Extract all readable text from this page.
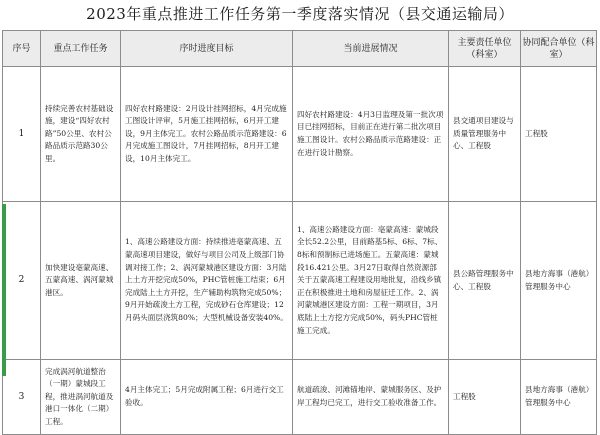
2023年重点推进工作任务第一季度落实情况（县交通运输局）
序号	重点工作任务	序时进度目标	当前进展情况	主要责任单位（科室）	协同配合单位（科室）
1	持续完善农村基础设施，建设“四好农村路”50公里、农村公路品质示范路30公里。	四好农村路建设：2月设计挂网招标，4月完成施工图设计评审，5月施工挂网招标，6月开工建设，9月主体完工。农村公路品质示范路建设：6月完成施工图设计，7月挂网招标，8月开工建设，10月主体完工。	四好农村路建设：4月3日监理及第一批次项目已挂网招标，目前正在进行第二批次项目施工图设计。农村公路品质示范路建设：正在进行设计勘察。	县交通项目建设与质量管理服务中心、工程股	工程股
2	加快建设亳蒙高速、五蒙高速、涡河蒙城港区。	1、高速公路建设方面：持续推进亳蒙高速、五蒙高速项目建设，做好与项目公司及上级部门协调对接工作；2、涡河蒙城港区建设方面：3月陆上土方开挖完成50%，PHC管桩施工结束；6月完成陆上土方开挖，生产辅助构筑物完成50%；9月开始疏浚土方工程，完成砂石仓库建设；12月码头面层浇筑80%；大型机械设备安装40%。	1、高速公路建设方面：亳蒙高速：蒙城段全长52.2公里，目前路基5标、6标、7标、8标和预制标已进场施工。五蒙高速：蒙城段16.421公里。3月27日取得自然资源部关于五蒙高速工程建设用地批复，沿线乡镇正在积极推进土地和房屋征迁工作。2、涡河蒙城港区建设方面：工程一期项目，3月底陆上土方挖方完成50%，码头PHC管桩施工完成。	县公路管理服务中心、工程股	县地方海事（港航）管理服务中心
3	完成涡河航道整治（一期）蒙城段工程，推进涡河航道及港口一体化（二期）工程。	4月主体完工；5月完成附属工程；6月进行交工验收。	航道疏浚、河滩锚地岸、蒙城服务区、及护岸工程均已完工，进行交工验收准备工作。	工程股	县地方海事（港航）管理服务中心
